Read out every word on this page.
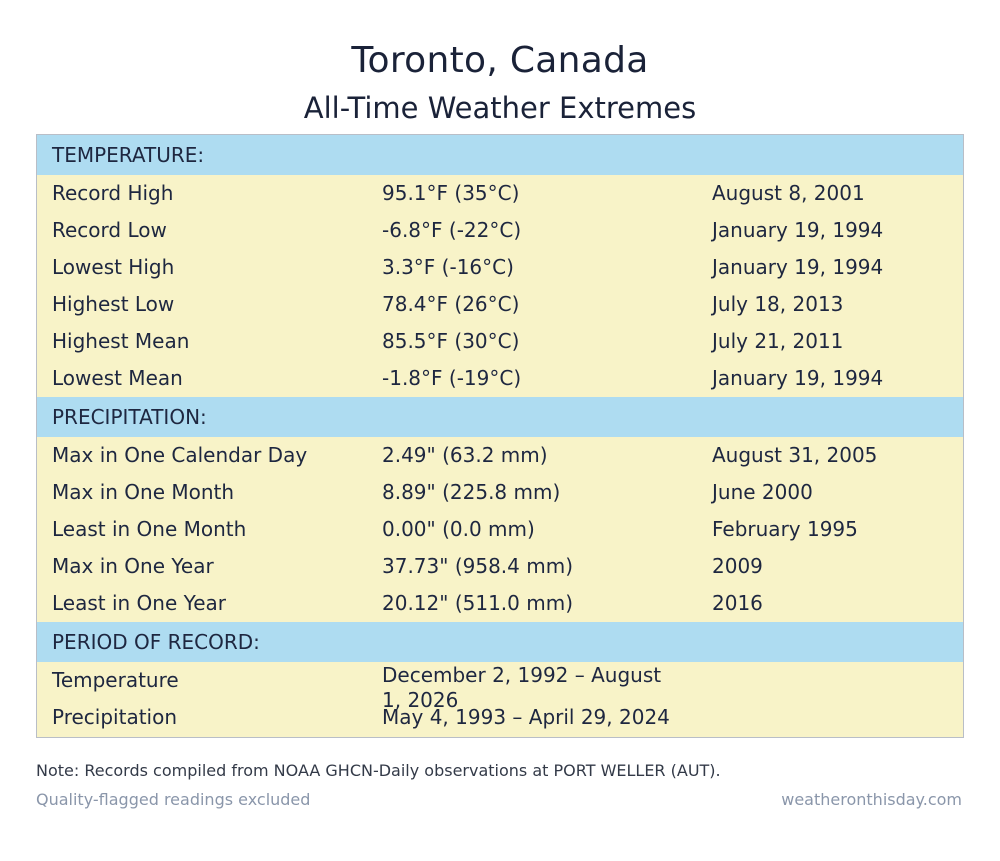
Toronto, Canada
All-Time Weather Extremes
TEMPERATURE:
Record High	95.1°F (35°C)	August 8, 2001
Record Low	-6.8°F (-22°C)	January 19, 1994
Lowest High	3.3°F (-16°C)	January 19, 1994
Highest Low	78.4°F (26°C)	July 18, 2013
Highest Mean	85.5°F (30°C)	July 21, 2011
Lowest Mean	-1.8°F (-19°C)	January 19, 1994
PRECIPITATION:
Max in One Calendar Day	2.49" (63.2 mm)	August 31, 2005
Max in One Month	8.89" (225.8 mm)	June 2000
Least in One Month	0.00" (0.0 mm)	February 1995
Max in One Year	37.73" (958.4 mm)	2009
Least in One Year	20.12" (511.0 mm)	2016
PERIOD OF RECORD:
Temperature	December 2, 1992 – August 1, 2026
Precipitation	May 4, 1993 – April 29, 2024
Note: Records compiled from NOAA GHCN-Daily observations at PORT WELLER (AUT).
Quality-flagged readings excluded	weatheronthisday.com
